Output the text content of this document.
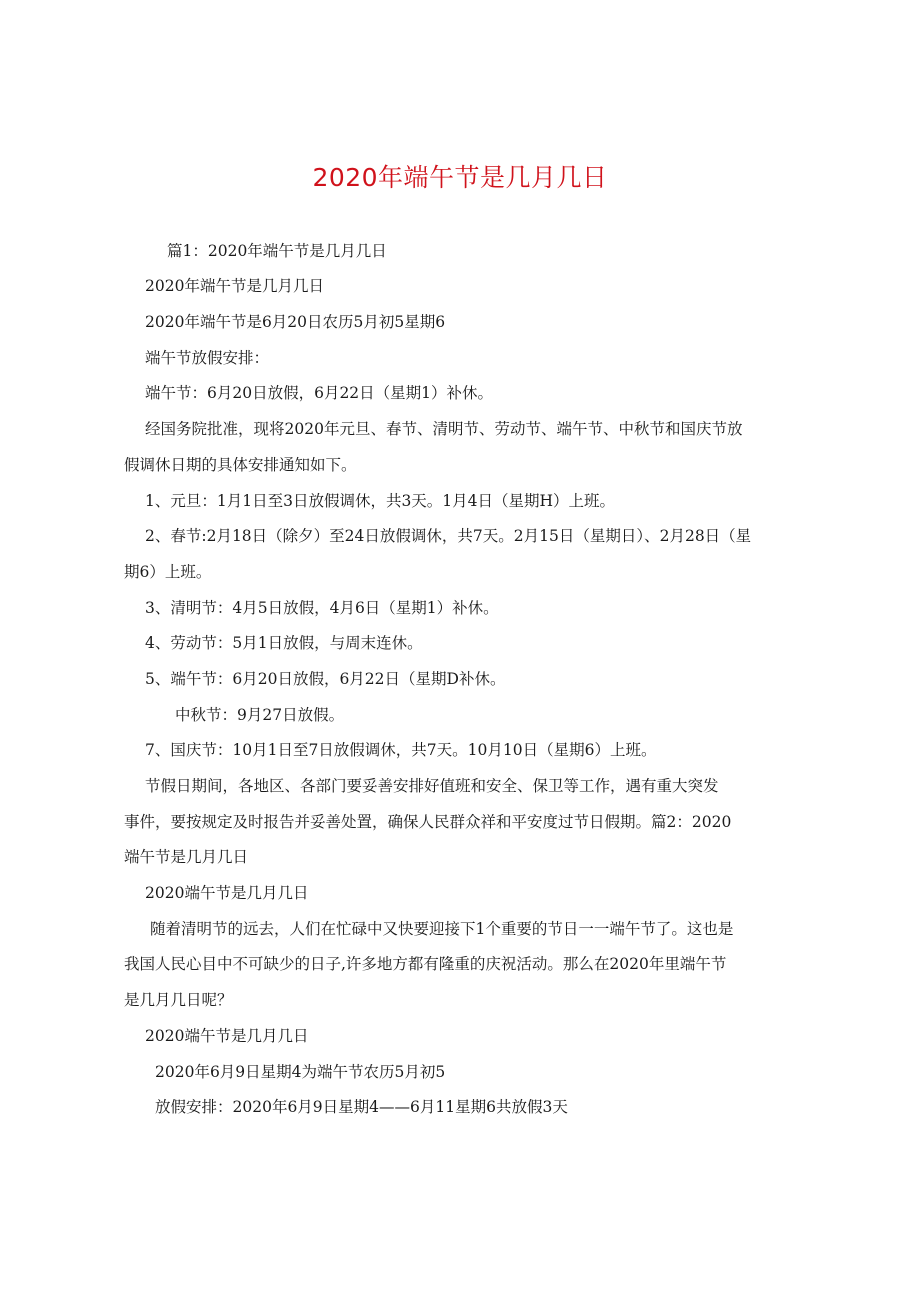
2020年端午节是几月几日
篇1：2020年端午节是几月几日
2020年端午节是几月几日
2020年端午节是6月20日农历5月初5星期6
端午节放假安排：
端午节：6月20日放假，6月22日（星期1）补休。
经国务院批准，现将2020年元旦、春节、清明节、劳动节、端午节、中秋节和国庆节放
假调休日期的具体安排通知如下。
1、元旦：1月1日至3日放假调休，共3天。1月4日（星期H）上班。
2、春节:2月18日（除夕）至24日放假调休，共7天。2月15日（星期日）、2月28日（星
期6）上班。
3、清明节：4月5日放假，4月6日（星期1）补休。
4、劳动节：5月1日放假，与周末连休。
5、端午节：6月20日放假，6月22日（星期D补休。
中秋节：9月27日放假。
7、国庆节：10月1日至7日放假调休，共7天。10月10日（星期6）上班。
节假日期间，各地区、各部门要妥善安排好值班和安全、保卫等工作，遇有重大突发
事件，要按规定及时报告并妥善处置，确保人民群众祥和平安度过节日假期。篇2：2020
端午节是几月几日
2020端午节是几月几日
随着清明节的远去，人们在忙碌中又快要迎接下1个重要的节日一一端午节了。这也是
我国人民心目中不可缺少的日子,许多地方都有隆重的庆祝活动。那么在2020年里端午节
是几月几日呢？
2020端午节是几月几日
2020年6月9日星期4为端午节农历5月初5
放假安排：2020年6月9日星期4——6月11星期6共放假3天
